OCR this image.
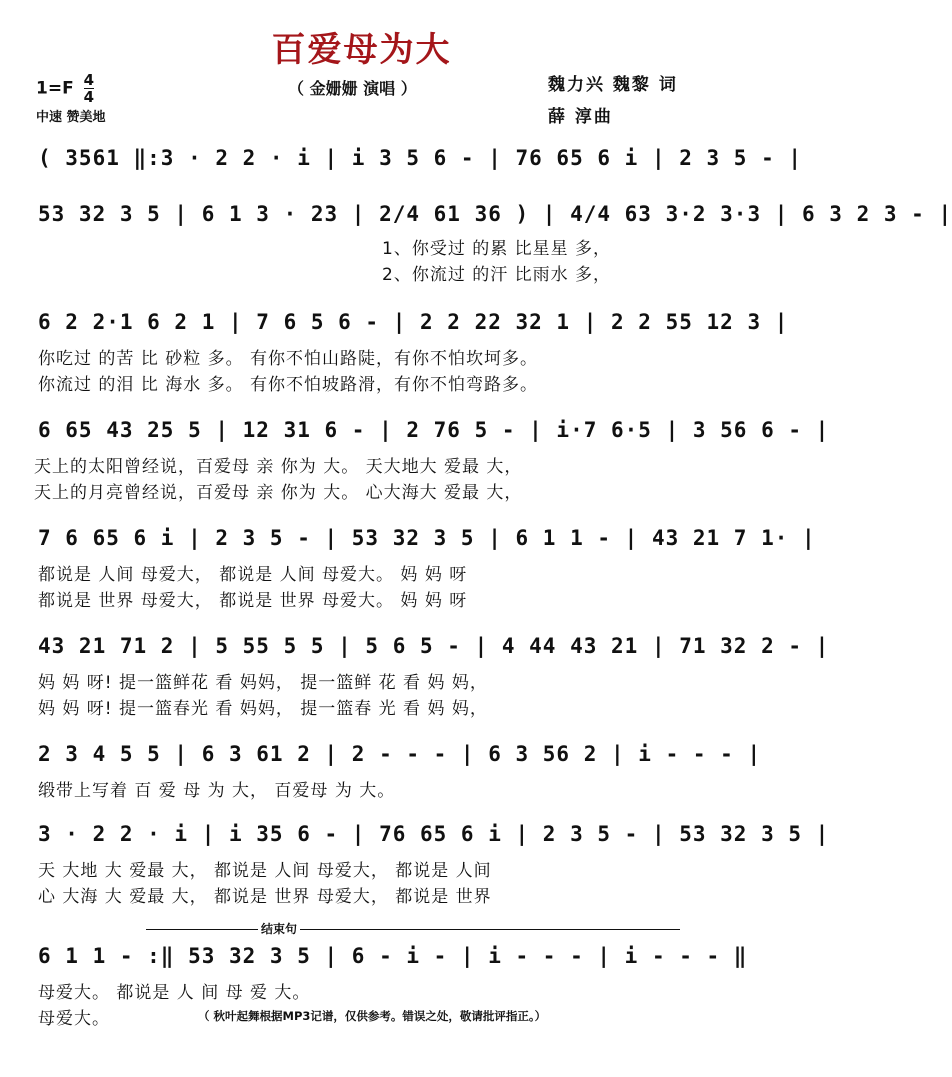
百爱母为大
$1=F \frac{4}{4}$
中速 赞美地
（ 金姗姗 演唱 ）	魏力兴 魏黎 词
薛 淳曲
( 3561 ‖:3 · 2 2 · i | i 3 5 6 - | 76 65 6 i | 2 3 5 - |
53 32 3 5 | 6 1 3 · 23 | 2/4 61 36 ) | 4/4 63 3·2 3·3 | 6 3 2 3 - |
1、你受过 的累 比星星 多，
2、你流过 的汗 比雨水 多，
6 2 2·1 6 2 1 | 7 6 5 6 - | 2 2 22 32 1 | 2 2 55 12 3 |
你吃过 的苦 比 砂粒 多。 有你不怕山路陡，有你不怕坎坷多。
你流过 的泪 比 海水 多。 有你不怕坡路滑，有你不怕弯路多。
6 65 43 25 5 | 12 31 6 - | 2 76 5 - | i·7 6·5 | 3 56 6 - |
天上的太阳曾经说，百爱母 亲 你为 大。 天大地大 爱最 大，
天上的月亮曾经说，百爱母 亲 你为 大。 心大海大 爱最 大，
7 6 65 6 i | 2 3 5 - | 53 32 3 5 | 6 1 1 - | 43 21 7 1· |
都说是 人间 母爱大， 都说是 人间 母爱大。 妈 妈 呀
都说是 世界 母爱大， 都说是 世界 母爱大。 妈 妈 呀
43 21 71 2 | 5 55 5 5 | 5 6 5 - | 4 44 43 21 | 71 32 2 - |
妈 妈 呀! 提一篮鲜花 看 妈妈， 提一篮鲜 花 看 妈 妈，
妈 妈 呀! 提一篮春光 看 妈妈， 提一篮春 光 看 妈 妈，
2 3 4 5 5 | 6 3 61 2 | 2 - - - | 6 3 56 2 | i - - - |
缎带上写着 百 爱 母 为 大， 百爱母 为 大。
3 · 2 2 · i | i 35 6 - | 76 65 6 i | 2 3 5 - | 53 32 3 5 |
天 大地 大 爱最 大， 都说是 人间 母爱大， 都说是 人间
心 大海 大 爱最 大， 都说是 世界 母爱大， 都说是 世界
结束句
6 1 1 - :‖ 53 32 3 5 | 6 - i - | i - - - | i - - - ‖
母爱大。 都说是 人 间 母 爱 大。
母爱大。	（ 秋叶起舞根据MP3记谱，仅供参考。错误之处，敬请批评指正。）
